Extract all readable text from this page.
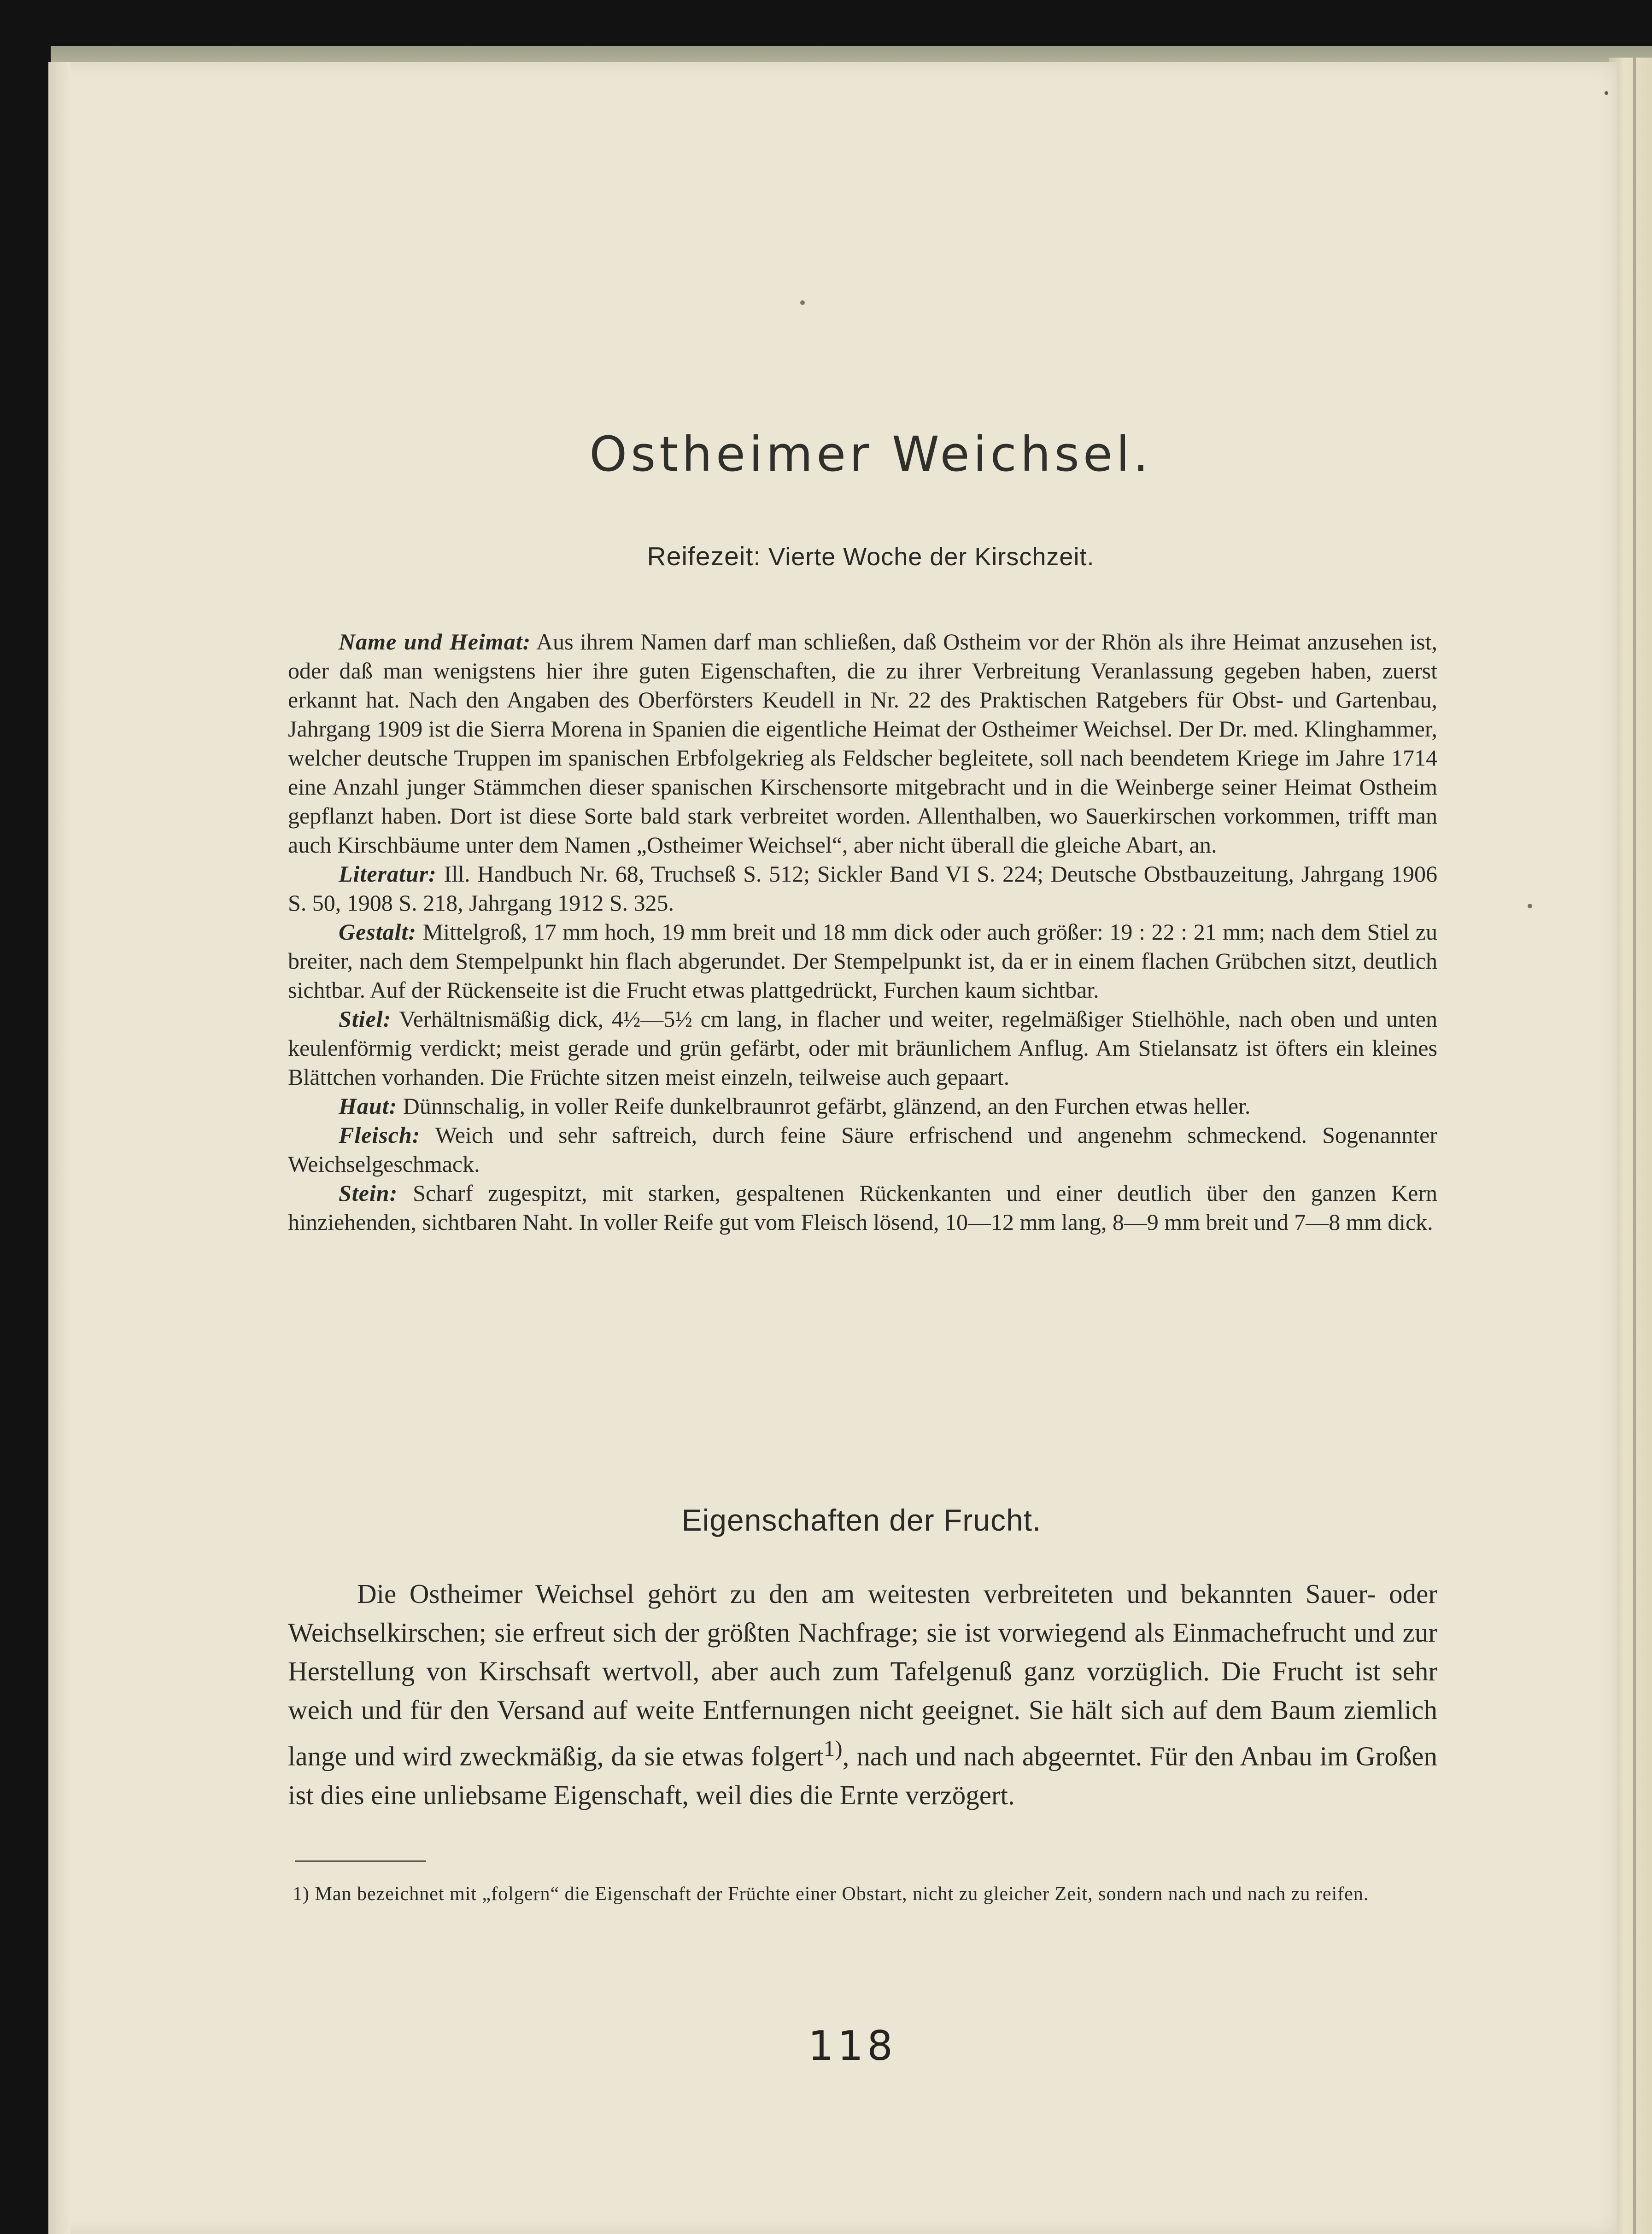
Ostheimer Weichsel.
Reifezeit: Vierte Woche der Kirschzeit.

Name und Heimat: Aus ihrem Namen darf man schließen, daß Ostheim vor der Rhön als ihre Heimat anzusehen ist, oder daß man wenigstens hier ihre guten Eigenschaften, die zu ihrer Verbreitung Veranlassung gegeben haben, zuerst erkannt hat. Nach den Angaben des Oberförsters Keudell in Nr. 22 des Praktischen Ratgebers für Obst- und Gartenbau, Jahrgang 1909 ist die Sierra Morena in Spanien die eigentliche Heimat der Ostheimer Weichsel. Der Dr. med. Klinghammer, welcher deutsche Truppen im spanischen Erbfolgekrieg als Feldscher begleitete, soll nach beendetem Kriege im Jahre 1714 eine Anzahl junger Stämmchen dieser spanischen Kirschensorte mitgebracht und in die Weinberge seiner Heimat Ostheim gepflanzt haben. Dort ist diese Sorte bald stark verbreitet worden. Allenthalben, wo Sauerkirschen vorkommen, trifft man auch Kirschbäume unter dem Namen „Ostheimer Weichsel“, aber nicht überall die gleiche Abart, an.

Literatur: Ill. Handbuch Nr. 68, Truchseß S. 512; Sickler Band VI S. 224; Deutsche Obstbauzeitung, Jahrgang 1906 S. 50, 1908 S. 218, Jahrgang 1912 S. 325.

Gestalt: Mittelgroß, 17 mm hoch, 19 mm breit und 18 mm dick oder auch größer: 19 : 22 : 21 mm; nach dem Stiel zu breiter, nach dem Stempelpunkt hin flach abgerundet. Der Stempelpunkt ist, da er in einem flachen Grübchen sitzt, deutlich sichtbar. Auf der Rückenseite ist die Frucht etwas plattgedrückt, Furchen kaum sichtbar.

Stiel: Verhältnismäßig dick, 4½—5½ cm lang, in flacher und weiter, regelmäßiger Stielhöhle, nach oben und unten keulenförmig verdickt; meist gerade und grün gefärbt, oder mit bräunlichem Anflug. Am Stielansatz ist öfters ein kleines Blättchen vorhanden. Die Früchte sitzen meist einzeln, teilweise auch gepaart.

Haut: Dünnschalig, in voller Reife dunkelbraunrot gefärbt, glänzend, an den Furchen etwas heller.

Fleisch: Weich und sehr saftreich, durch feine Säure erfrischend und angenehm schmeckend. Sogenannter Weichselgeschmack.

Stein: Scharf zugespitzt, mit starken, gespaltenen Rückenkanten und einer deutlich über den ganzen Kern hinziehenden, sichtbaren Naht. In voller Reife gut vom Fleisch lösend, 10—12 mm lang, 8—9 mm breit und 7—8 mm dick.

Eigenschaften der Frucht.

Die Ostheimer Weichsel gehört zu den am weitesten verbreiteten und bekannten Sauer- oder Weichselkirschen; sie erfreut sich der größten Nachfrage; sie ist vorwiegend als Einmachefrucht und zur Herstellung von Kirschsaft wertvoll, aber auch zum Tafelgenuß ganz vorzüglich. Die Frucht ist sehr weich und für den Versand auf weite Entfernungen nicht geeignet. Sie hält sich auf dem Baum ziemlich lange und wird zweckmäßig, da sie etwas folgert$^{1)}$, nach und nach abgeerntet. Für den Anbau im Großen ist dies eine unliebsame Eigenschaft, weil dies die Ernte verzögert.

1) Man bezeichnet mit „folgern“ die Eigenschaft der Früchte einer Obstart, nicht zu gleicher Zeit, sondern nach und nach zu reifen.
118
